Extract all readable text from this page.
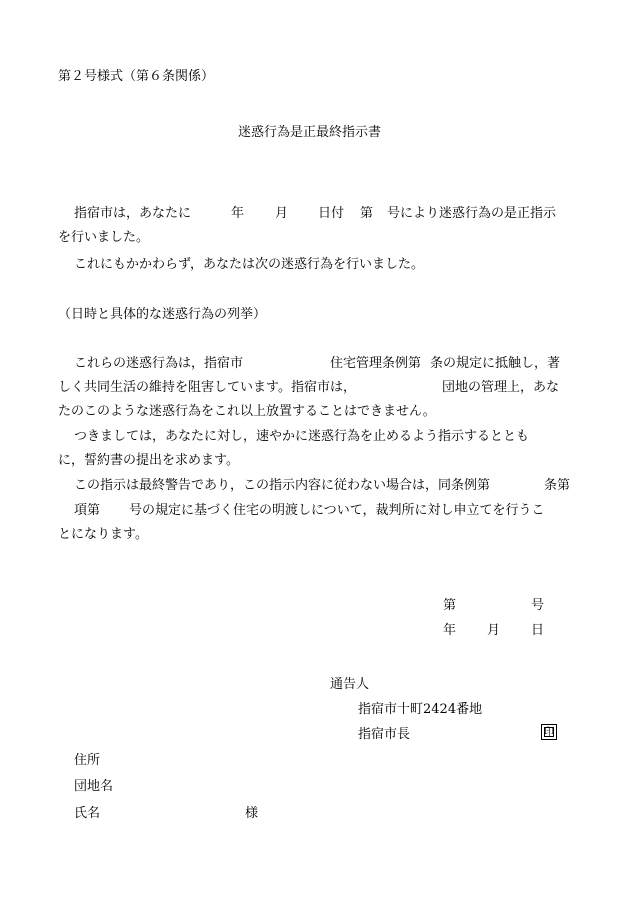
第２号様式（第６条関係）
迷惑行為是正最終指示書
指宿市は，あなたに	年 月 日付 第 号により迷惑行為の是正指示
を行いました。
これにもかかわらず，あなたは次の迷惑行為を行いました。
（日時と具体的な迷惑行為の列挙）
これらの迷惑行為は，指宿市	住宅管理条例第 条の規定に抵触し，著
しく共同生活の維持を阻害しています。指宿市は，	団地の管理上，あな
たのこのような迷惑行為をこれ以上放置することはできません。
つきましては，あなたに対し，速やかに迷惑行為を止めるよう指示するととも
に，誓約書の提出を求めます。
この指示は最終警告であり，この指示内容に従わない場合は，同条例第	条第
項第 号の規定に基づく住宅の明渡しについて，裁判所に対し申立てを行うこ
とになります。
第	号
年 月 日
通告人
指宿市十町2424番地
指宿市長	印
住所
団地名
氏名	様
